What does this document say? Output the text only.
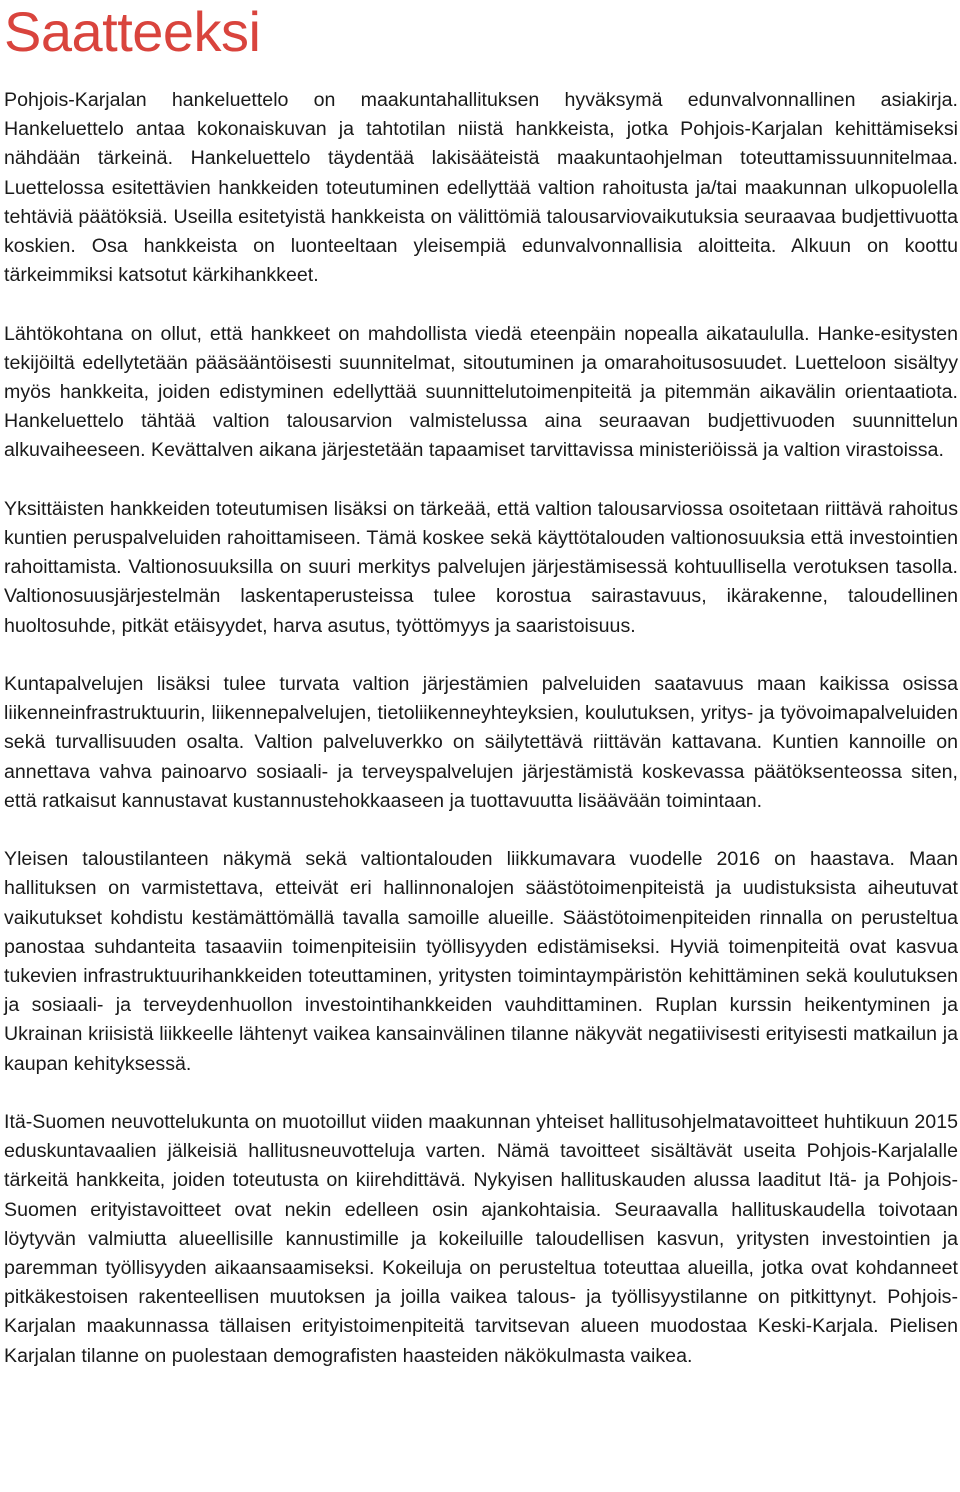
Saatteeksi

Pohjois-Karjalan hankeluettelo on maakuntahallituksen hyväksymä edunvalvonnallinen asiakirja. Hankeluettelo antaa kokonaiskuvan ja tahtotilan niistä hankkeista, jotka Pohjois-Karjalan kehittämiseksi nähdään tärkeinä. Hankeluettelo täydentää lakisääteistä maakuntaohjelman toteuttamissuunnitelmaa. Luettelossa esitettävien hankkeiden toteutuminen edellyttää valtion rahoitusta ja/tai maakunnan ulkopuolella tehtäviä päätöksiä. Useilla esitetyistä hankkeista on välittömiä talousarviovaikutuksia seuraavaa budjettivuotta koskien. Osa hankkeista on luonteeltaan yleisempiä edunvalvonnallisia aloitteita. Alkuun on koottu tärkeimmiksi katsotut kärkihankkeet.

Lähtökohtana on ollut, että hankkeet on mahdollista viedä eteenpäin nopealla aikataululla. Hanke-esitysten tekijöiltä edellytetään pääsääntöisesti suunnitelmat, sitoutuminen ja omarahoitusosuudet. Luetteloon sisältyy myös hankkeita, joiden edistyminen edellyttää suunnittelutoimenpiteitä ja pitemmän aikavälin orientaatiota. Hankeluettelo tähtää valtion talousarvion valmistelussa aina seuraavan budjettivuoden suunnittelun alkuvaiheeseen. Kevättalven aikana järjestetään tapaamiset tarvittavissa ministeriöissä ja valtion virastoissa.

Yksittäisten hankkeiden toteutumisen lisäksi on tärkeää, että valtion talousarviossa osoitetaan riittävä rahoitus kuntien peruspalveluiden rahoittamiseen. Tämä koskee sekä käyttötalouden valtionosuuksia että investointien rahoittamista. Valtionosuuksilla on suuri merkitys palvelujen järjestämisessä kohtuullisella verotuksen tasolla. Valtionosuusjärjestelmän laskentaperusteissa tulee korostua sairastavuus, ikärakenne, taloudellinen huoltosuhde, pitkät etäisyydet, harva asutus, työttömyys ja saaristoisuus.

Kuntapalvelujen lisäksi tulee turvata valtion järjestämien palveluiden saatavuus maan kaikissa osissa liikenneinfrastruktuurin, liikennepalvelujen, tietoliikenneyhteyksien, koulutuksen, yritys- ja työvoimapalveluiden sekä turvallisuuden osalta. Valtion palveluverkko on säilytettävä riittävän kattavana. Kuntien kannoille on annettava vahva painoarvo sosiaali- ja terveyspalvelujen järjestämistä koskevassa päätöksenteossa siten, että ratkaisut kannustavat kustannustehokkaaseen ja tuottavuutta lisäävään toimintaan.

Yleisen taloustilanteen näkymä sekä valtiontalouden liikkumavara vuodelle 2016 on haastava. Maan hallituksen on varmistettava, etteivät eri hallinnonalojen säästötoimenpiteistä ja uudistuksista aiheutuvat vaikutukset kohdistu kestämättömällä tavalla samoille alueille. Säästötoimenpiteiden rinnalla on perusteltua panostaa suhdanteita tasaaviin toimenpiteisiin työllisyyden edistämiseksi. Hyviä toimenpiteitä ovat kasvua tukevien infrastruktuurihankkeiden toteuttaminen, yritysten toimintaympäristön kehittäminen sekä koulutuksen ja sosiaali- ja terveydenhuollon investointihankkeiden vauhdittaminen. Ruplan kurssin heikentyminen ja Ukrainan kriisistä liikkeelle lähtenyt vaikea kansainvälinen tilanne näkyvät negatiivisesti erityisesti matkailun ja kaupan kehityksessä.

Itä-Suomen neuvottelukunta on muotoillut viiden maakunnan yhteiset hallitusohjelmatavoitteet huhtikuun 2015 eduskuntavaalien jälkeisiä hallitusneuvotteluja varten. Nämä tavoitteet sisältävät useita Pohjois-Karjalalle tärkeitä hankkeita, joiden toteutusta on kiirehdittävä. Nykyisen hallituskauden alussa laaditut Itä- ja Pohjois-Suomen erityistavoitteet ovat nekin edelleen osin ajankohtaisia. Seuraavalla hallituskaudella toivotaan löytyvän valmiutta alueellisille kannustimille ja kokeiluille taloudellisen kasvun, yritysten investointien ja paremman työllisyyden aikaansaamiseksi. Kokeiluja on perusteltua toteuttaa alueilla, jotka ovat kohdanneet pitkäkestoisen rakenteellisen muutoksen ja joilla vaikea talous- ja työllisyystilanne on pitkittynyt. Pohjois-Karjalan maakunnassa tällaisen erityistoimenpiteitä tarvitsevan alueen muodostaa Keski-Karjala. Pielisen Karjalan tilanne on puolestaan demografisten haasteiden näkökulmasta vaikea.
